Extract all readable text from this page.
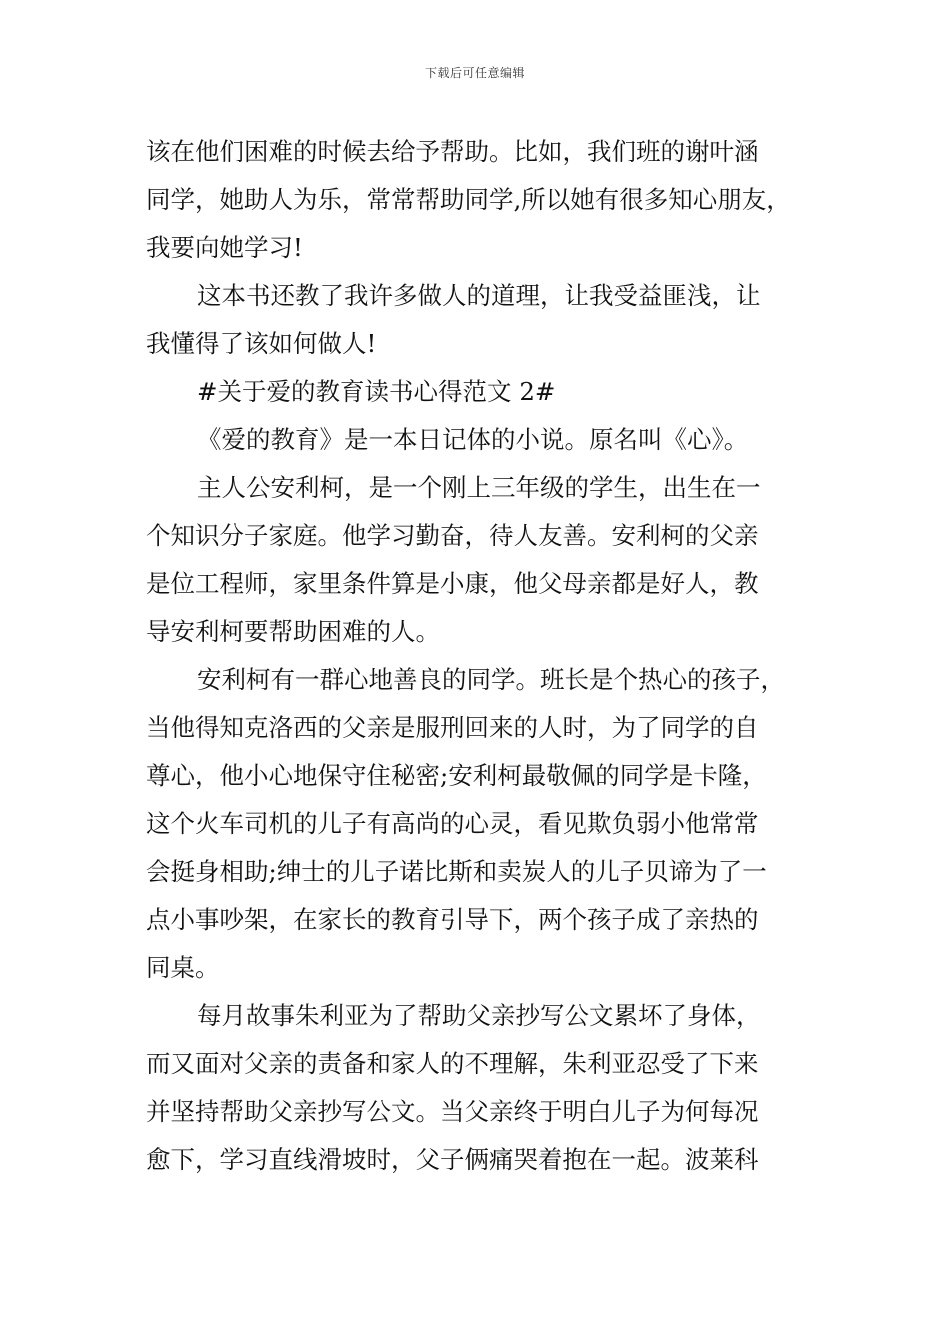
下载后可任意编辑
该在他们困难的时候去给予帮助。比如，我们班的谢叶涵
同学，她助人为乐，常常帮助同学,所以她有很多知心朋友，
我要向她学习!
这本书还教了我许多做人的道理，让我受益匪浅，让
我懂得了该如何做人!
#关于爱的教育读书心得范文 2#
《爱的教育》是一本日记体的小说。原名叫《心》。
主人公安利柯，是一个刚上三年级的学生，出生在一
个知识分子家庭。他学习勤奋，待人友善。安利柯的父亲
是位工程师，家里条件算是小康，他父母亲都是好人，教
导安利柯要帮助困难的人。
安利柯有一群心地善良的同学。班长是个热心的孩子，
当他得知克洛西的父亲是服刑回来的人时，为了同学的自
尊心，他小心地保守住秘密;安利柯最敬佩的同学是卡隆，
这个火车司机的儿子有高尚的心灵，看见欺负弱小他常常
会挺身相助;绅士的儿子诺比斯和卖炭人的儿子贝谛为了一
点小事吵架，在家长的教育引导下，两个孩子成了亲热的
同桌。
每月故事朱利亚为了帮助父亲抄写公文累坏了身体，
而又面对父亲的责备和家人的不理解，朱利亚忍受了下来
并坚持帮助父亲抄写公文。当父亲终于明白儿子为何每况
愈下，学习直线滑坡时，父子俩痛哭着抱在一起。波莱科
